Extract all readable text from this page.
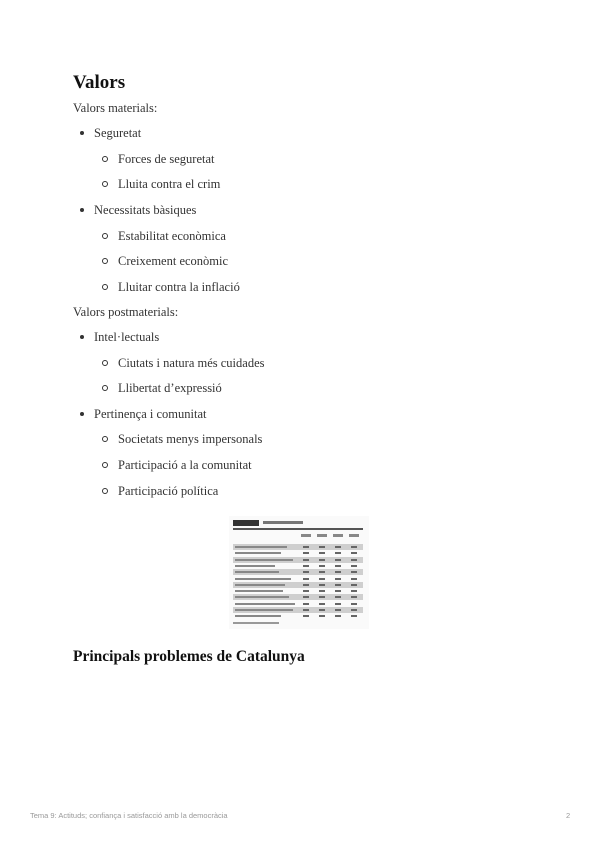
Valors
Valors materials:
Seguretat
Forces de seguretat
Lluita contra el crim
Necessitats bàsiques
Estabilitat econòmica
Creixement econòmic
Lluitar contra la inflació
Valors postmaterials:
Intel·lectuals
Ciutats i natura més cuidades
Llibertat d’expressió
Pertinença i comunitat
Societats menys impersonals
Participació a la comunitat
Participació política
Principals problemes de Catalunya
Tema 9: Actituds; confiança i satisfacció amb la democràcia	2
